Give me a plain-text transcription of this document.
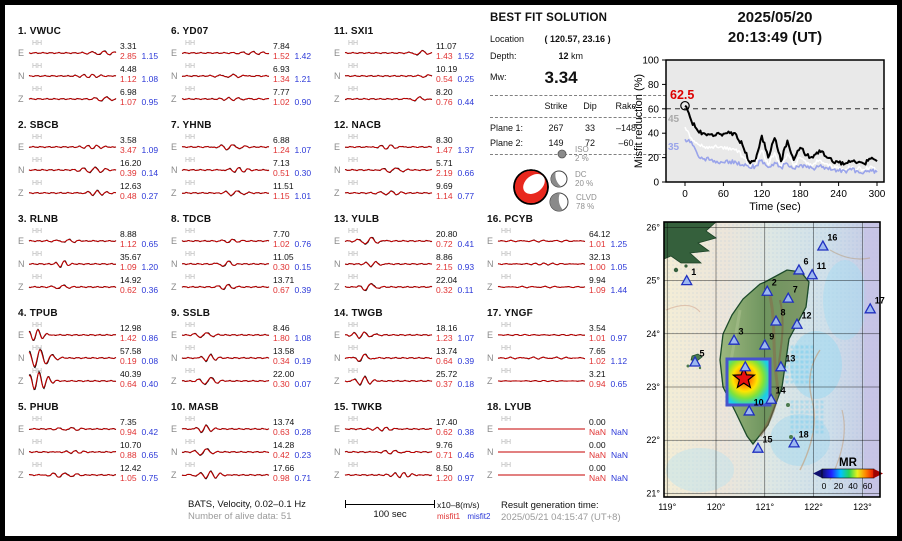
1. VWUC
E
HH	3.31
2.85 1.15
N
HH	4.48
1.12 1.08
Z
HH	6.98
1.07 0.95
2. SBCB
E
HH	3.58
3.47 1.09
N
HH	16.20
0.39 0.14
Z
HH	12.63
0.48 0.27
3. RLNB
E
HH	8.88
1.12 0.65
N
HH	35.67
1.09 1.20
Z
HH	14.92
0.62 0.36
4. TPUB
E
HH	12.98
1.42 0.86
N
HH	57.58
0.19 0.08
Z
HH	40.39
0.64 0.40
5. PHUB
E
HH	7.35
0.94 0.42
N
HH	10.70
0.88 0.65
Z
HH	12.42
1.05 0.75
6. YD07
E
HH	7.84
1.52 1.42
N
HH	6.93
1.34 1.21
Z
HH	7.77
1.02 0.90
7. YHNB
E
HH	6.88
1.24 1.07
N
HH	7.13
0.51 0.30
Z
HH	11.51
1.15 1.01
8. TDCB
E
HH	7.70
1.02 0.76
N
HH	11.05
0.30 0.15
Z
HH	13.71
0.67 0.39
9. SSLB
E
HH	8.46
1.80 1.08
N
HH	13.58
0.34 0.19
Z
HH	22.00
0.30 0.07
10. MASB
E
HH	13.74
0.63 0.28
N
HH	14.28
0.42 0.23
Z
HH	17.66
0.98 0.71
11. SXI1
E
HH	11.07
1.43 1.52
N
HH	10.19
0.54 0.25
Z
HH	8.20
0.76 0.44
12. NACB
E
HH	8.30
1.47 1.37
N
HH	5.71
2.19 0.66
Z
HH	9.69
1.14 0.77
13. YULB
E
HH	20.80
0.72 0.41
N
HH	8.86
2.15 0.93
Z
HH	22.04
0.32 0.11
14. TWGB
E
HH	18.16
1.23 1.07
N
HH	13.74
0.64 0.39
Z
HH	25.72
0.37 0.18
15. TWKB
E
HH	17.40
0.62 0.38
N
HH	9.76
0.71 0.46
Z
HH	8.50
1.20 0.97
16. PCYB
E
HH	64.12
1.01 1.25
N
HH	32.13
1.00 1.05
Z
HH	9.94
1.09 1.44
17. YNGF
E
HH	3.54
1.01 0.97
N
HH	7.65
1.02 1.12
Z
HH	3.21
0.94 0.65
18. LYUB
E
HH	0.00
NaN NaN
N
HH	0.00
NaN NaN
Z
HH	0.00
NaN NaN
BEST FIT SOLUTION
Location ( 120.57, 23.16 )
Depth:	12 km
Mw: 3.34
Strike	Dip	Rake
Plane 1:	267	33	–148
Plane 2:	149	72	–60
ISO
2 %
DC
20 %
CLVD
78 %
2025/05/20
20:13:49 (UT)
0
20
40
60
80
100
0	60 120 180 240 300
Time (sec)
Misfit reduction (%) 62.5
45
35
1
2
3
5
6
7
8
9
10
11
12
13
14
15
16
17
18
MR
0 20 40 60
26°
25°
24°
23°
22°
21°
119°	120°	121°	122°	123°
BATS, Velocity, 0.02–0.1 Hz
Number of alive data: 51	100 sec
x10–8(m/s)
misfit1 misfit2
Result generation time:
2025/05/21 04:15:47 (UT+8)
